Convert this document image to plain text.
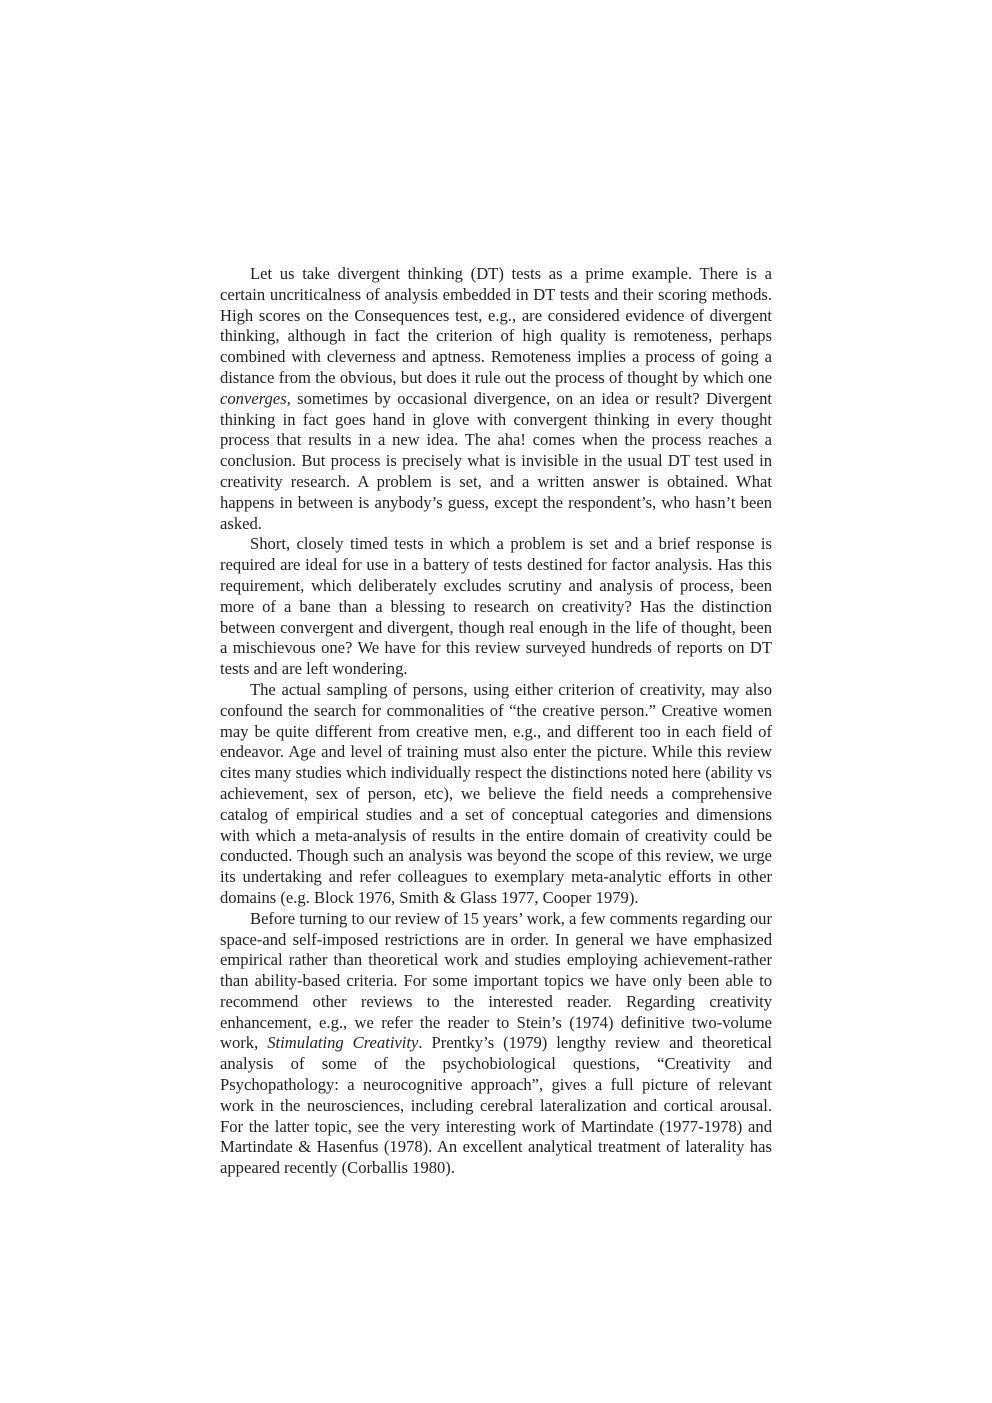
Let us take divergent thinking (DT) tests as a prime example. There is a certain uncriticalness of analysis embedded in DT tests and their scoring methods. High scores on the Consequences test, e.g., are considered evidence of divergent thinking, although in fact the criterion of high quality is remoteness, perhaps combined with cleverness and aptness. Remoteness implies a process of going a distance from the obvious, but does it rule out the process of thought by which one converges, sometimes by occasional divergence, on an idea or result? Divergent thinking in fact goes hand in glove with convergent thinking in every thought process that results in a new idea. The aha! comes when the process reaches a conclusion. But process is precisely what is invisible in the usual DT test used in creativity research. A problem is set, and a written answer is obtained. What happens in between is anybody’s guess, except the respondent’s, who hasn’t been asked.

Short, closely timed tests in which a problem is set and a brief response is required are ideal for use in a battery of tests destined for factor analysis. Has this requirement, which deliberately excludes scrutiny and analysis of process, been more of a bane than a blessing to research on creativity? Has the distinction between convergent and divergent, though real enough in the life of thought, been a mischievous one? We have for this review surveyed hundreds of reports on DT tests and are left wondering.

The actual sampling of persons, using either criterion of creativity, may also confound the search for commonalities of “the creative person.” Creative women may be quite different from creative men, e.g., and different too in each field of endeavor. Age and level of training must also enter the picture. While this review cites many studies which individually respect the distinctions noted here (ability vs achievement, sex of person, etc), we believe the field needs a comprehensive catalog of empirical studies and a set of conceptual categories and dimensions with which a meta-analysis of results in the entire domain of creativity could be conducted. Though such an analysis was beyond the scope of this review, we urge its undertaking and refer colleagues to exemplary meta-analytic efforts in other domains (e.g. Block 1976, Smith & Glass 1977, Cooper 1979).

Before turning to our review of 15 years’ work, a few comments regarding our space-and self-imposed restrictions are in order. In general we have emphasized empirical rather than theoretical work and studies employing achievement-rather than ability-based criteria. For some important topics we have only been able to recommend other reviews to the interested reader. Regarding creativity enhancement, e.g., we refer the reader to Stein’s (1974) definitive two-volume work, Stimulating Creativity. Prentky’s (1979) lengthy review and theoretical analysis of some of the psychobiological questions, “Creativity and Psychopathology: a neurocognitive approach”, gives a full picture of relevant work in the neurosciences, including cerebral lateralization and cortical arousal. For the latter topic, see the very interesting work of Martindate (1977-1978) and Martindate & Hasenfus (1978). An excellent analytical treatment of laterality has appeared recently (Corballis 1980).
